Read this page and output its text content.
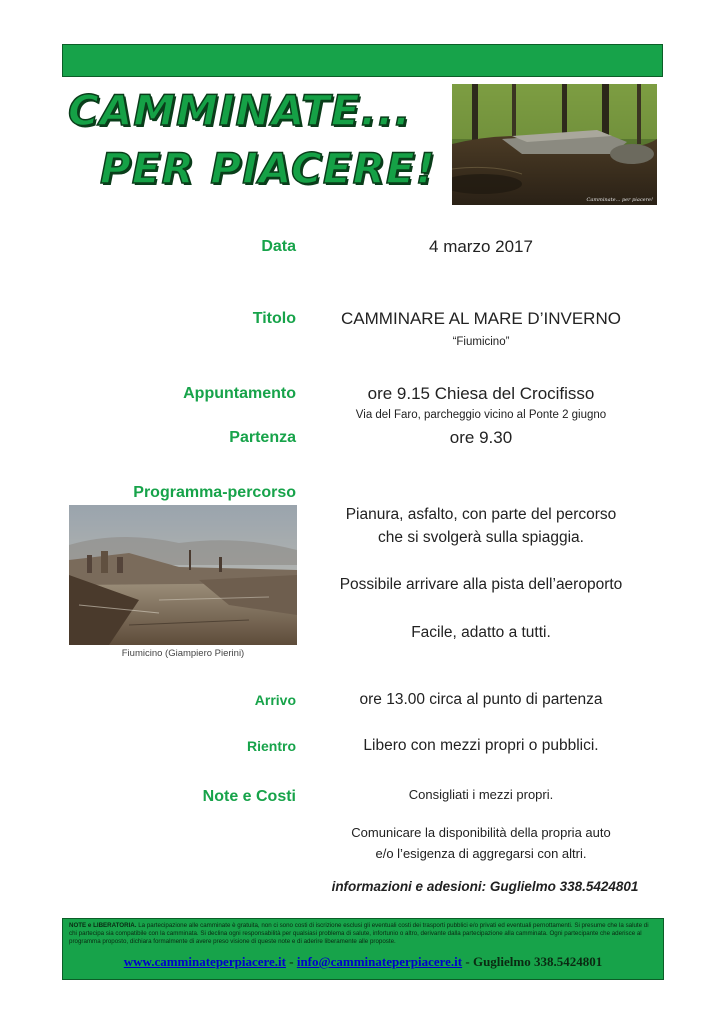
CAMMINATE...
PER PIACERE!
Camminate... per piacere!
Data	4 marzo 2017
Titolo	CAMMINARE AL MARE D’INVERNO
“Fiumicino”
Appuntamento	ore 9.15 Chiesa del Crocifisso
Via del Faro, parcheggio vicino al Ponte 2 giugno
Partenza	ore 9.30
Programma-percorso
Pianura, asfalto, con parte del percorso
che si svolgerà sulla spiaggia.
Possibile arrivare alla pista dell’aeroporto
Facile, adatto a tutti.
Fiumicino (Giampiero Pierini)
Arrivo	ore 13.00 circa al punto di partenza
Rientro	Libero con mezzi propri o pubblici.
Note e Costi	Consigliati i mezzi propri.
Comunicare la disponibilità della propria auto
e/o l’esigenza di aggregarsi con altri.
informazioni e adesioni: Guglielmo 338.5424801
NOTE e LIBERATORIA. La partecipazione alle camminate è gratuita, non ci sono costi di iscrizione esclusi gli eventuali costi dei trasporti pubblici e/o privati ed eventuali pernottamenti. Si presume che la salute di chi partecipa sia compatibile con la camminata. Si declina ogni responsabilità per qualsiasi problema di salute, infortunio o altro, derivante dalla partecipazione alla camminata. Ogni partecipante che aderisce al programma proposto, dichiara formalmente di avere preso visione di queste note e di aderire liberamente alle proposte.
www.camminateperpiacere.it - info@camminateperpiacere.it - Guglielmo 338.5424801
